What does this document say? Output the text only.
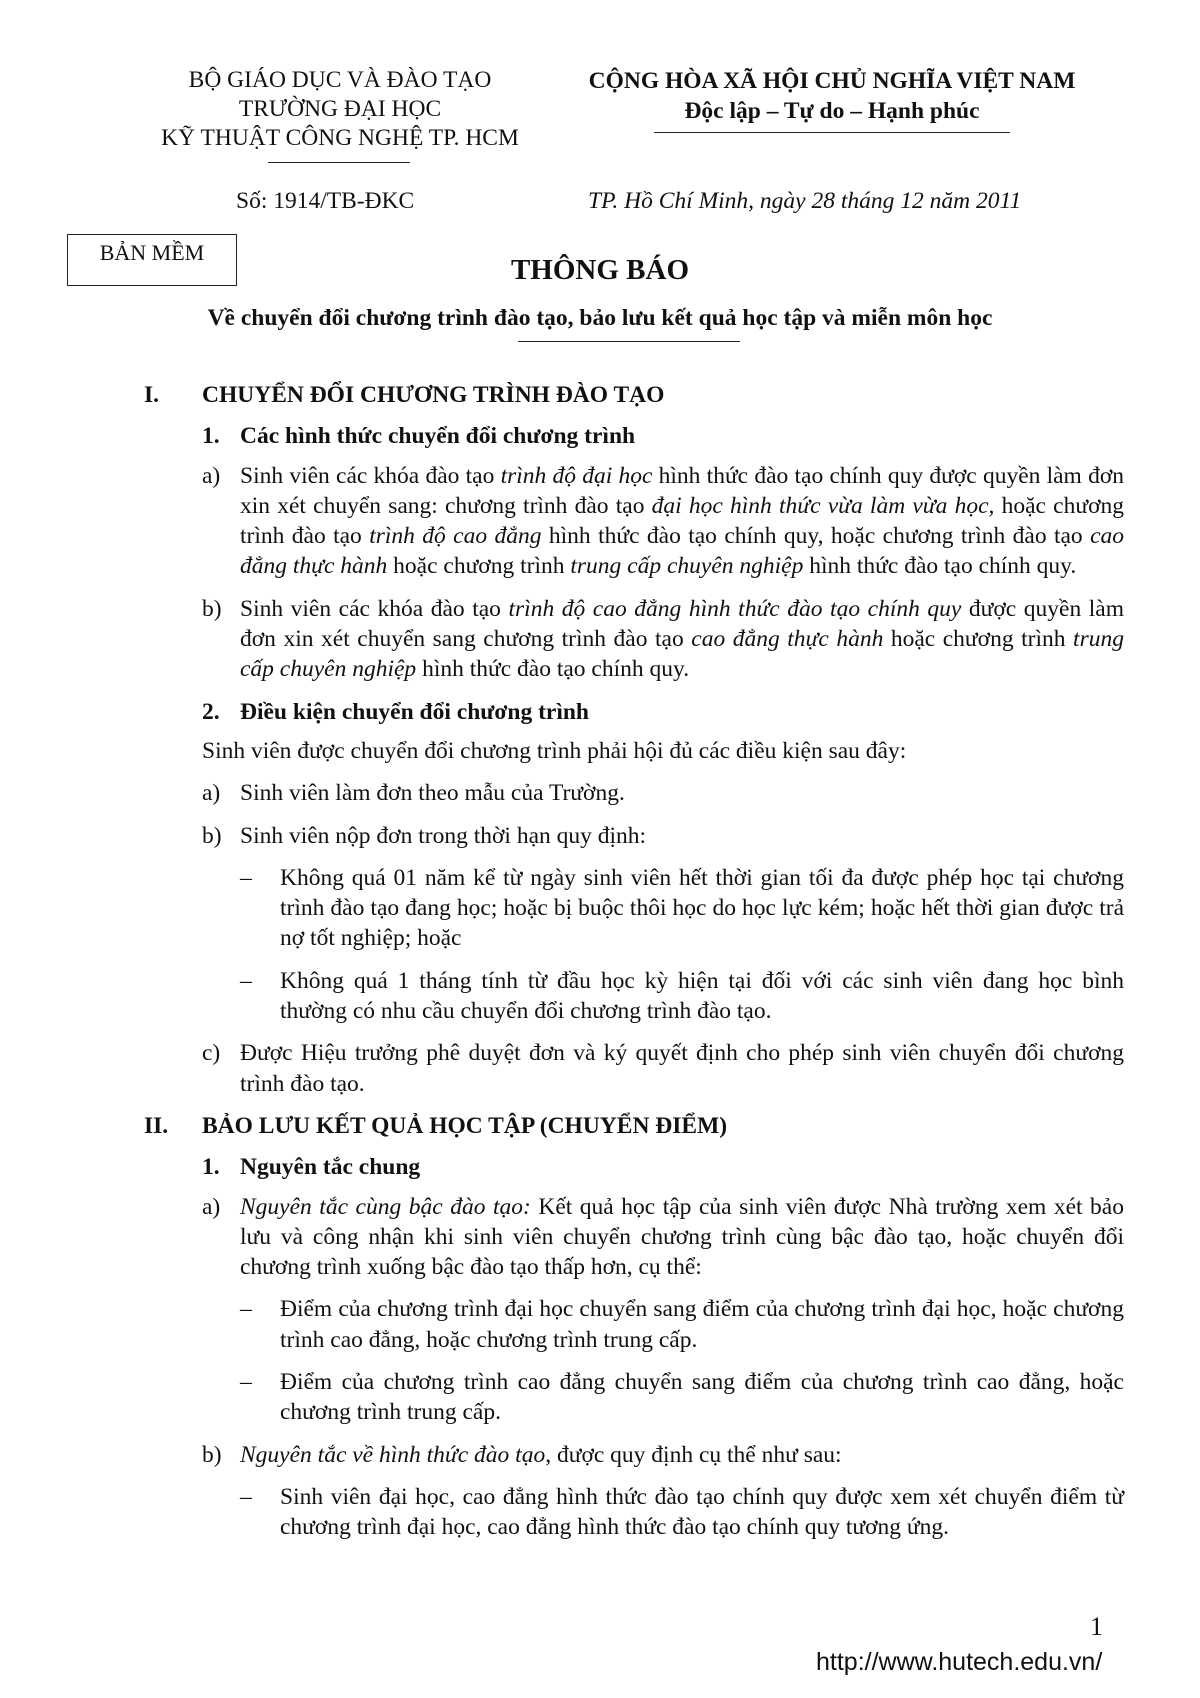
BỘ GIÁO DỤC VÀ ĐÀO TẠO
TRƯỜNG ĐẠI HỌC
KỸ THUẬT CÔNG NGHỆ TP. HCM
CỘNG HÒA XÃ HỘI CHỦ NGHĨA VIỆT NAM
Độc lập – Tự do – Hạnh phúc
Số: 1914/TB-ĐKC	TP. Hồ Chí Minh, ngày 28 tháng 12 năm 2011
BẢN MỀM
THÔNG BÁO
Về chuyển đổi chương trình đào tạo, bảo lưu kết quả học tập và miễn môn học
I.	CHUYỂN ĐỔI CHƯƠNG TRÌNH ĐÀO TẠO
1. Các hình thức chuyển đổi chương trình
a) Sinh viên các khóa đào tạo trình độ đại học hình thức đào tạo chính quy được quyền làm đơn xin xét chuyển sang: chương trình đào tạo đại học hình thức vừa làm vừa học, hoặc chương trình đào tạo trình độ cao đẳng hình thức đào tạo chính quy, hoặc chương trình đào tạo cao đẳng thực hành hoặc chương trình trung cấp chuyên nghiệp hình thức đào tạo chính quy.
b) Sinh viên các khóa đào tạo trình độ cao đẳng hình thức đào tạo chính quy được quyền làm đơn xin xét chuyển sang chương trình đào tạo cao đẳng thực hành hoặc chương trình trung cấp chuyên nghiệp hình thức đào tạo chính quy.
2. Điều kiện chuyển đổi chương trình

Sinh viên được chuyển đổi chương trình phải hội đủ các điều kiện sau đây:

a) Sinh viên làm đơn theo mẫu của Trường.
b) Sinh viên nộp đơn trong thời hạn quy định:
–	Không quá 01 năm kể từ ngày sinh viên hết thời gian tối đa được phép học tại chương trình đào tạo đang học; hoặc bị buộc thôi học do học lực kém; hoặc hết thời gian được trả nợ tốt nghiệp; hoặc
–	Không quá 1 tháng tính từ đầu học kỳ hiện tại đối với các sinh viên đang học bình thường có nhu cầu chuyển đổi chương trình đào tạo.
c) Được Hiệu trưởng phê duyệt đơn và ký quyết định cho phép sinh viên chuyển đổi chương trình đào tạo.
II.	BẢO LƯU KẾT QUẢ HỌC TẬP (CHUYỂN ĐIỂM)
1. Nguyên tắc chung
a) Nguyên tắc cùng bậc đào tạo: Kết quả học tập của sinh viên được Nhà trường xem xét bảo lưu và công nhận khi sinh viên chuyển chương trình cùng bậc đào tạo, hoặc chuyển đổi chương trình xuống bậc đào tạo thấp hơn, cụ thể:
–	Điểm của chương trình đại học chuyển sang điểm của chương trình đại học, hoặc chương trình cao đẳng, hoặc chương trình trung cấp.
–	Điểm của chương trình cao đẳng chuyển sang điểm của chương trình cao đẳng, hoặc chương trình trung cấp.
b) Nguyên tắc về hình thức đào tạo, được quy định cụ thể như sau:
–	Sinh viên đại học, cao đẳng hình thức đào tạo chính quy được xem xét chuyển điểm từ chương trình đại học, cao đẳng hình thức đào tạo chính quy tương ứng.
1
http://www.hutech.edu.vn/
